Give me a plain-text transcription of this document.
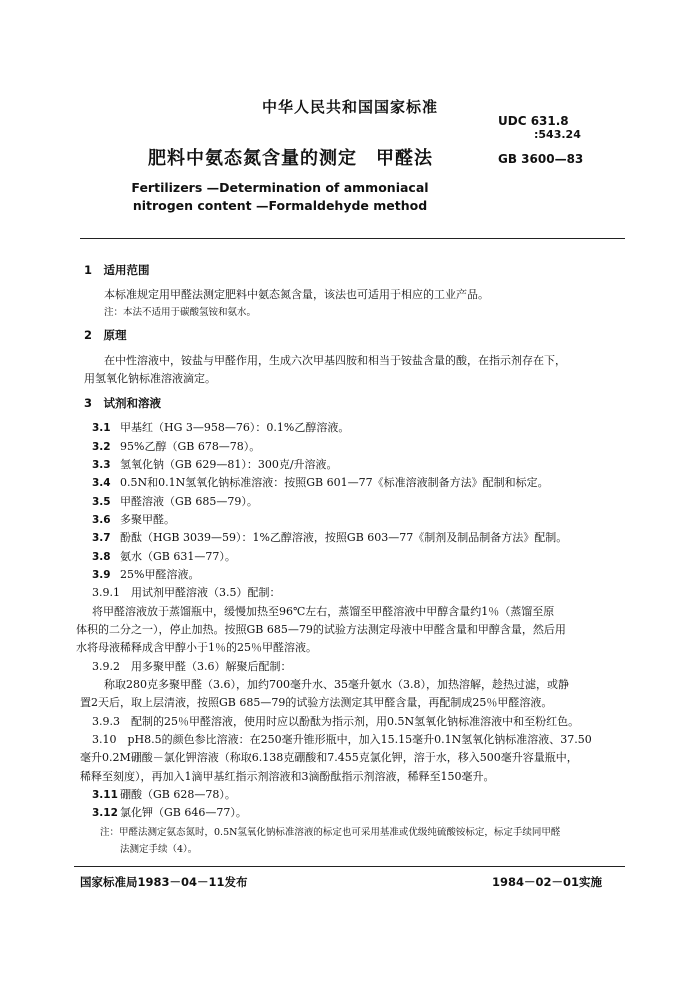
中华人民共和国国家标准
UDC 631.8
:543.24
肥料中氨态氮含量的测定　甲醛法	GB 3600—83
Fertilizers —Determination of ammoniacal
nitrogen content —Formaldehyde method
1　适用范围
本标准规定用甲醛法测定肥料中氨态氮含量，该法也可适用于相应的工业产品。
注：本法不适用于碳酸氢铵和氨水。
2　原理
在中性溶液中，铵盐与甲醛作用，生成六次甲基四胺和相当于铵盐含量的酸，在指示剂存在下，
用氢氧化钠标准溶液滴定。
3　试剂和溶液
3.1 甲基红（HG 3—958—76）：0.1%乙醇溶液。
3.2 95%乙醇（GB 678—78）。
3.3 氢氧化钠（GB 629—81）：300克/升溶液。
3.4 0.5N和0.1N氢氧化钠标准溶液：按照GB 601—77《标准溶液制备方法》配制和标定。
3.5 甲醛溶液（GB 685—79）。
3.6 多聚甲醛。
3.7 酚酞（HGB 3039—59）：1%乙醇溶液，按照GB 603—77《制剂及制品制备方法》配制。
3.8 氨水（GB 631—77）。
3.9 25%甲醛溶液。
3.9.1　用试剂甲醛溶液（3.5）配制：
将甲醛溶液放于蒸馏瓶中，缓慢加热至96℃左右，蒸馏至甲醛溶液中甲醇含量约1％（蒸馏至原
体积的二分之一），停止加热。按照GB 685—79的试验方法测定母液中甲醛含量和甲醇含量，然后用
水将母液稀释成含甲醇小于1％的25％甲醛溶液。
3.9.2　用多聚甲醛（3.6）解聚后配制：
称取280克多聚甲醛（3.6），加约700毫升水、35毫升氨水（3.8），加热溶解，趁热过滤，或静
置2天后，取上层清液，按照GB 685—79的试验方法测定其甲醛含量，再配制成25％甲醛溶液。
3.9.3　配制的25％甲醛溶液，使用时应以酚酞为指示剂，用0.5N氢氧化钠标准溶液中和至粉红色。
3.10　pH8.5的颜色参比溶液：在250毫升锥形瓶中，加入15.15毫升0.1N氢氧化钠标准溶液、37.50
毫升0.2M硼酸－氯化钾溶液（称取6.138克硼酸和7.455克氯化钾，溶于水，移入500毫升容量瓶中，
稀释至刻度），再加入1滴甲基红指示剂溶液和3滴酚酞指示剂溶液，稀释至150毫升。
3.11 硼酸（GB 628—78）。
3.12 氯化钾（GB 646—77）。
注：甲醛法测定氨态氮时，0.5N氢氧化钠标准溶液的标定也可采用基准或优级纯硫酸铵标定，标定手续同甲醛
法测定手续（4）。
国家标准局1983－04－11发布	1984－02－01实施
